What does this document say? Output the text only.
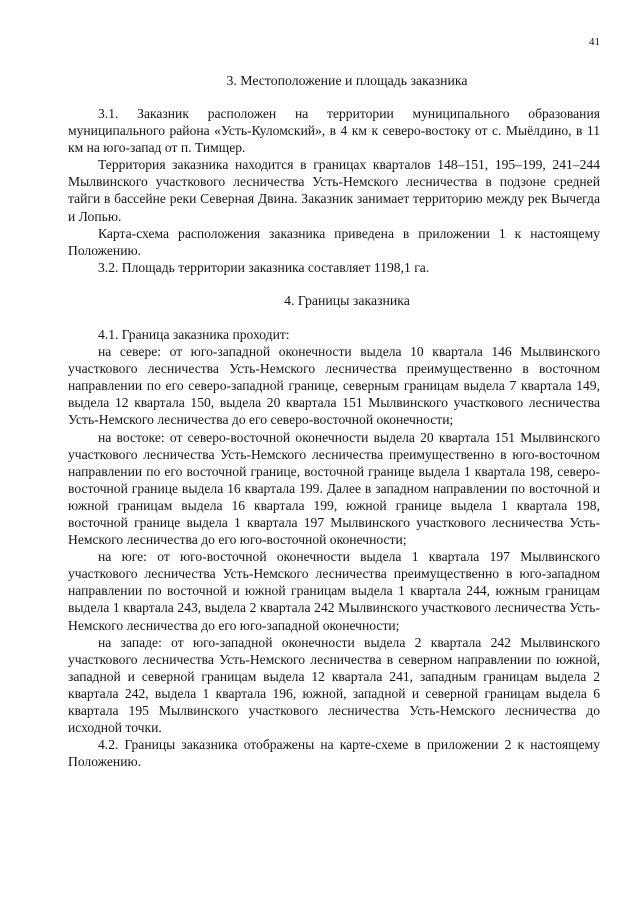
41

3. Местоположение и площадь заказника

3.1. Заказник расположен на территории муниципального образования муниципального района «Усть-Куломский», в 4 км к северо-востоку от с. Мыёлдино, в 11 км на юго-запад от п. Тимщер.

Территория заказника находится в границах кварталов 148–151, 195–199, 241–244 Мылвинского участкового лесничества Усть-Немского лесничества в подзоне средней тайги в бассейне реки Северная Двина. Заказник занимает территорию между рек Вычегда и Лопью.

Карта-схема расположения заказника приведена в приложении 1 к настоящему Положению.

3.2. Площадь территории заказника составляет 1198,1 га.

4. Границы заказника

4.1. Граница заказника проходит:

на севере: от юго-западной оконечности выдела 10 квартала 146 Мылвинского участкового лесничества Усть-Немского лесничества преимущественно в восточном направлении по его северо-западной границе, северным границам выдела 7 квартала 149, выдела 12 квартала 150, выдела 20 квартала 151 Мылвинского участкового лесничества Усть-Немского лесничества до его северо-восточной оконечности;

на востоке: от северо-восточной оконечности выдела 20 квартала 151 Мылвинского участкового лесничества Усть-Немского лесничества преимущественно в юго-восточном направлении по его восточной границе, восточной границе выдела 1 квартала 198, северо-восточной границе выдела 16 квартала 199. Далее в западном направлении по восточной и южной границам выдела 16 квартала 199, южной границе выдела 1 квартала 198, восточной границе выдела 1 квартала 197 Мылвинского участкового лесничества Усть-Немского лесничества до его юго-восточной оконечности;

на юге: от юго-восточной оконечности выдела 1 квартала 197 Мылвинского участкового лесничества Усть-Немского лесничества преимущественно в юго-западном направлении по восточной и южной границам выдела 1 квартала 244, южным границам выдела 1 квартала 243, выдела 2 квартала 242 Мылвинского участкового лесничества Усть-Немского лесничества до его юго-западной оконечности;

на западе: от юго-западной оконечности выдела 2 квартала 242 Мылвинского участкового лесничества Усть-Немского лесничества в северном направлении по южной, западной и северной границам выдела 12 квартала 241, западным границам выдела 2 квартала 242, выдела 1 квартала 196, южной, западной и северной границам выдела 6 квартала 195 Мылвинского участкового лесничества Усть-Немского лесничества до исходной точки.

4.2. Границы заказника отображены на карте-схеме в приложении 2 к настоящему Положению.
